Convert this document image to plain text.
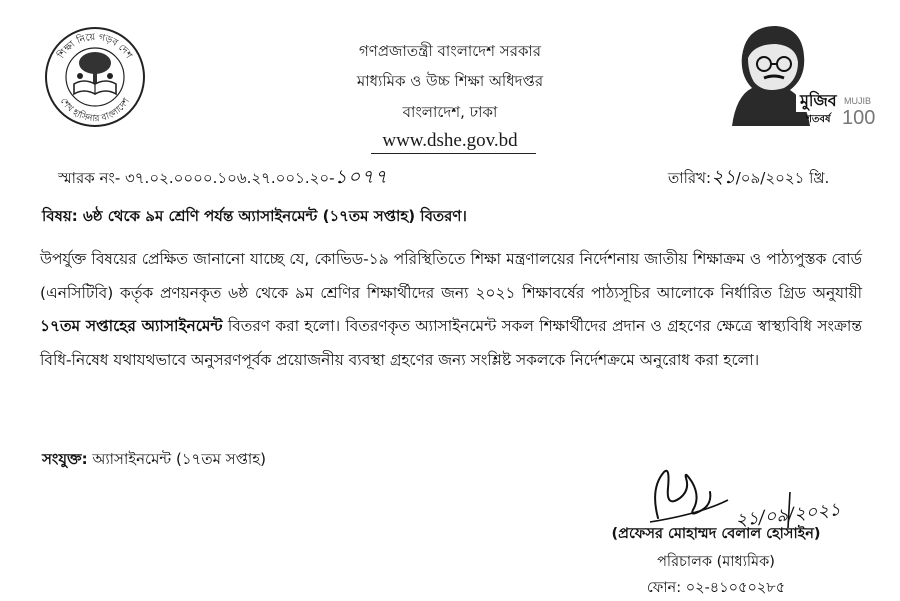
শিক্ষা নিয়ে গড়ব দেশ
শেখ হাসিনার বাংলাদেশ
গণপ্রজাতন্ত্রী বাংলাদেশ সরকার
মাধ্যমিক ও উচ্চ শিক্ষা অধিদপ্তর
বাংলাদেশ, ঢাকা
www.dshe.gov.bd
মুজিব
শতবর্ষ
MUJIB
100
স্মারক নং- ৩৭.০২.০০০০.১০৬.২৭.০০১.২০-১০৭৭	তারিখ:২১/০৯/২০২১ খ্রি.
বিষয়: ৬ষ্ঠ থেকে ৯ম শ্রেণি পর্যন্ত অ্যাসাইনমেন্ট (১৭তম সপ্তাহ) বিতরণ।
উপর্যুক্ত বিষয়ের প্রেক্ষিত জানানো যাচ্ছে যে, কোভিড-১৯ পরিস্থিতিতে শিক্ষা মন্ত্রণালয়ের নির্দেশনায় জাতীয় শিক্ষাক্রম ও পাঠ্যপুস্তক বোর্ড (এনসিটিবি) কর্তৃক প্রণয়নকৃত ৬ষ্ঠ থেকে ৯ম শ্রেণির শিক্ষার্থীদের জন্য ২০২১ শিক্ষাবর্ষের পাঠ্যসূচির আলোকে নির্ধারিত গ্রিড অনুযায়ী ১৭তম সপ্তাহের অ্যাসাইনমেন্ট বিতরণ করা হলো। বিতরণকৃত অ্যাসাইনমেন্ট সকল শিক্ষার্থীদের প্রদান ও গ্রহণের ক্ষেত্রে স্বাস্থ্যবিধি সংক্রান্ত বিধি-নিষেধ যথাযথভাবে অনুসরণপূর্বক প্রয়োজনীয় ব্যবস্থা গ্রহণের জন্য সংশ্লিষ্ট সকলকে নির্দেশক্রমে অনুরোধ করা হলো।
সংযুক্ত: অ্যাসাইনমেন্ট (১৭তম সপ্তাহ)
২১/০৯/২০২১
(প্রফেসর মোহাম্মদ বেলাল হোসাইন)
পরিচালক (মাধ্যমিক)
ফোন: ০২-৪১০৫০২৮৫
